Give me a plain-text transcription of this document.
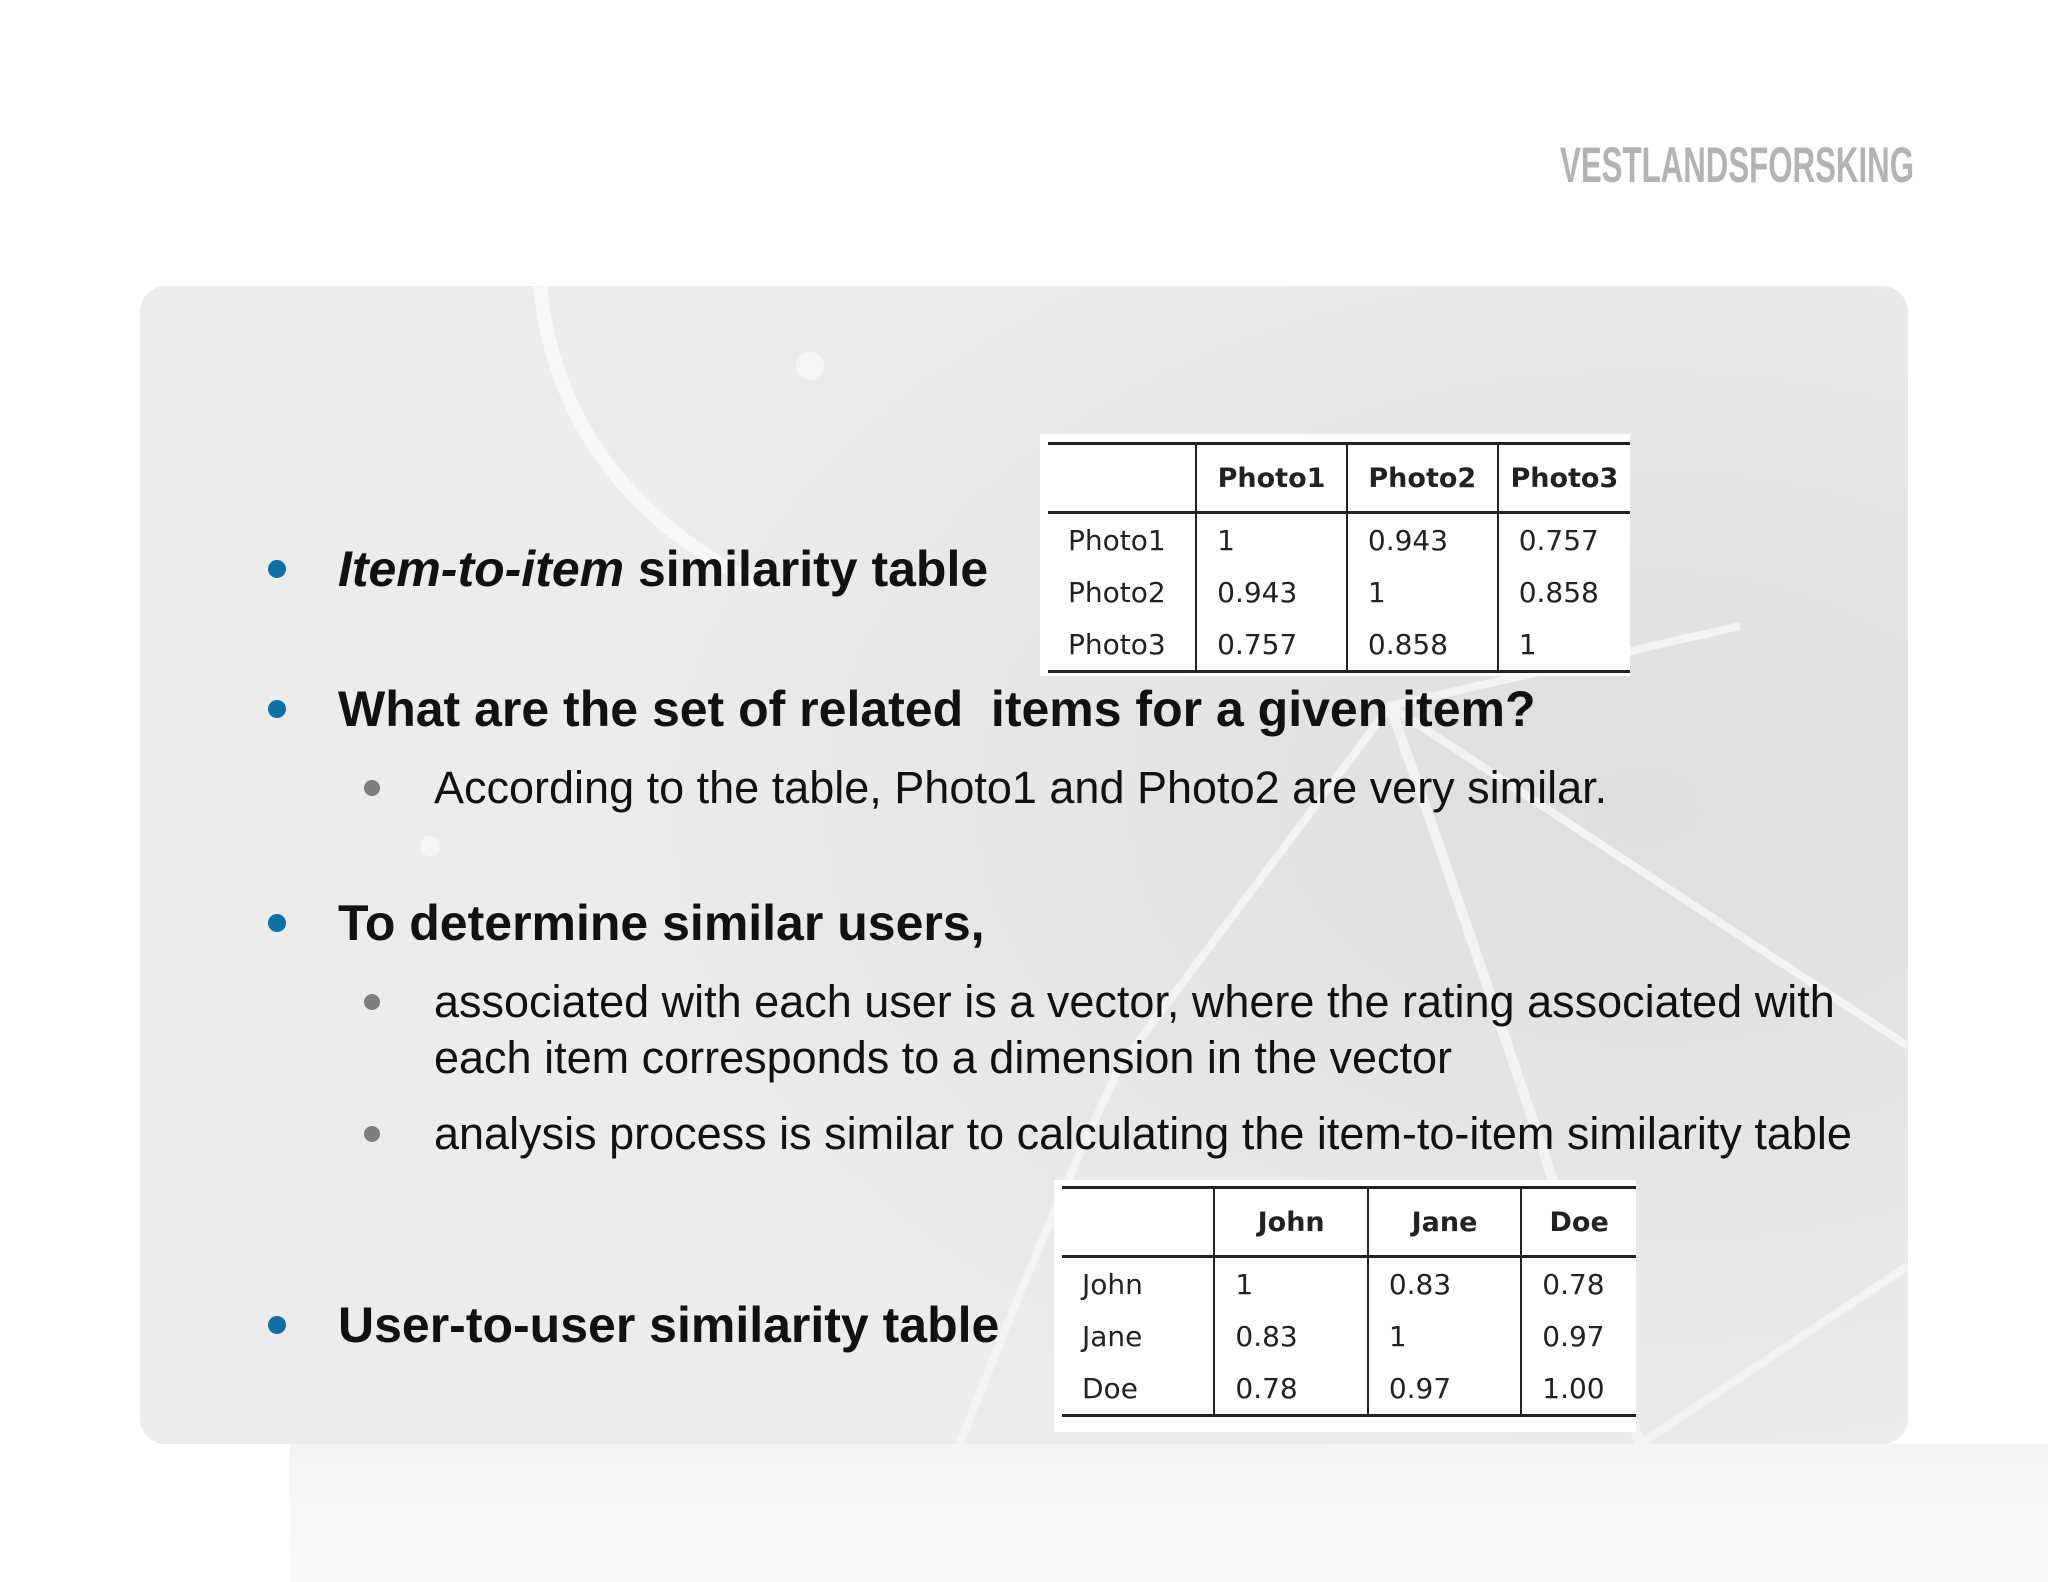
VESTLANDSFORSKING
Item-to-item similarity table
	Photo1	Photo2	Photo3
Photo1	1	0.943	0.757
Photo2	0.943	1	0.858
Photo3	0.757	0.858	1
What are the set of related  items for a given item?
According to the table, Photo1 and Photo2 are very similar.
To determine similar users,
associated with each user is a vector, where the rating associated with each item corresponds to a dimension in the vector
analysis process is similar to calculating the item-to-item similarity table
	John	Jane	Doe
John	1	0.83	0.78
Jane	0.83	1	0.97
Doe	0.78	0.97	1.00
User-to-user similarity table
